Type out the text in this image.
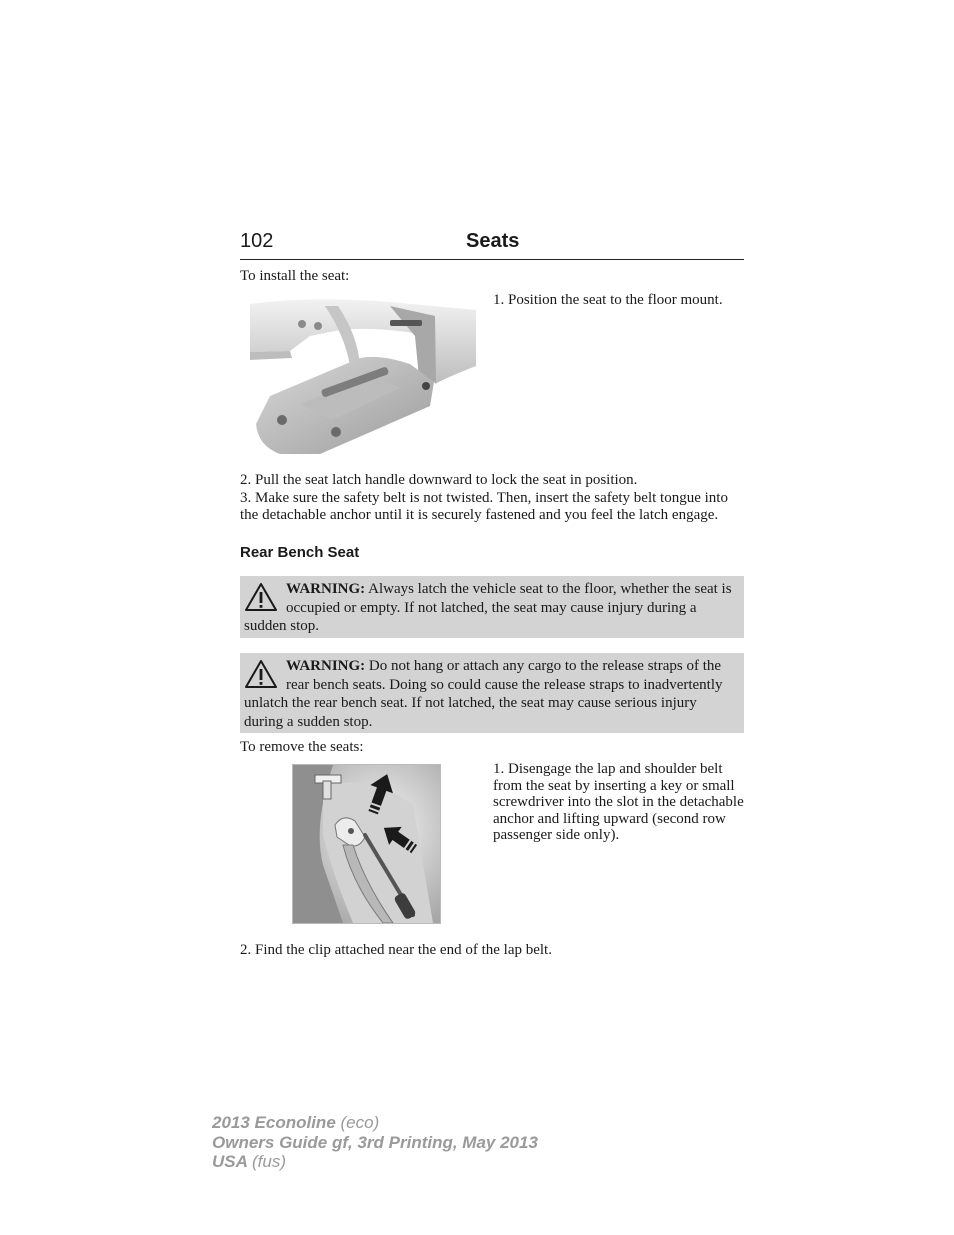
102	Seats
To install the seat:
1. Position the seat to the floor mount.
2. Pull the seat latch handle downward to lock the seat in position.
3. Make sure the safety belt is not twisted. Then, insert the safety belt tongue into the detachable anchor until it is securely fastened and you feel the latch engage.
Rear Bench Seat
WARNING: Always latch the vehicle seat to the floor, whether the seat is occupied or empty. If not latched, the seat may cause injury during a sudden stop.
WARNING: Do not hang or attach any cargo to the release straps of the rear bench seats. Doing so could cause the release straps to inadvertently unlatch the rear bench seat. If not latched, the seat may cause serious injury during a sudden stop.
To remove the seats:
1. Disengage the lap and shoulder belt from the seat by inserting a key or small screwdriver into the slot in the detachable anchor and lifting upward (second row passenger side only).
2. Find the clip attached near the end of the lap belt.
2013 Econoline (eco)
Owners Guide gf, 3rd Printing, May 2013
USA (fus)
